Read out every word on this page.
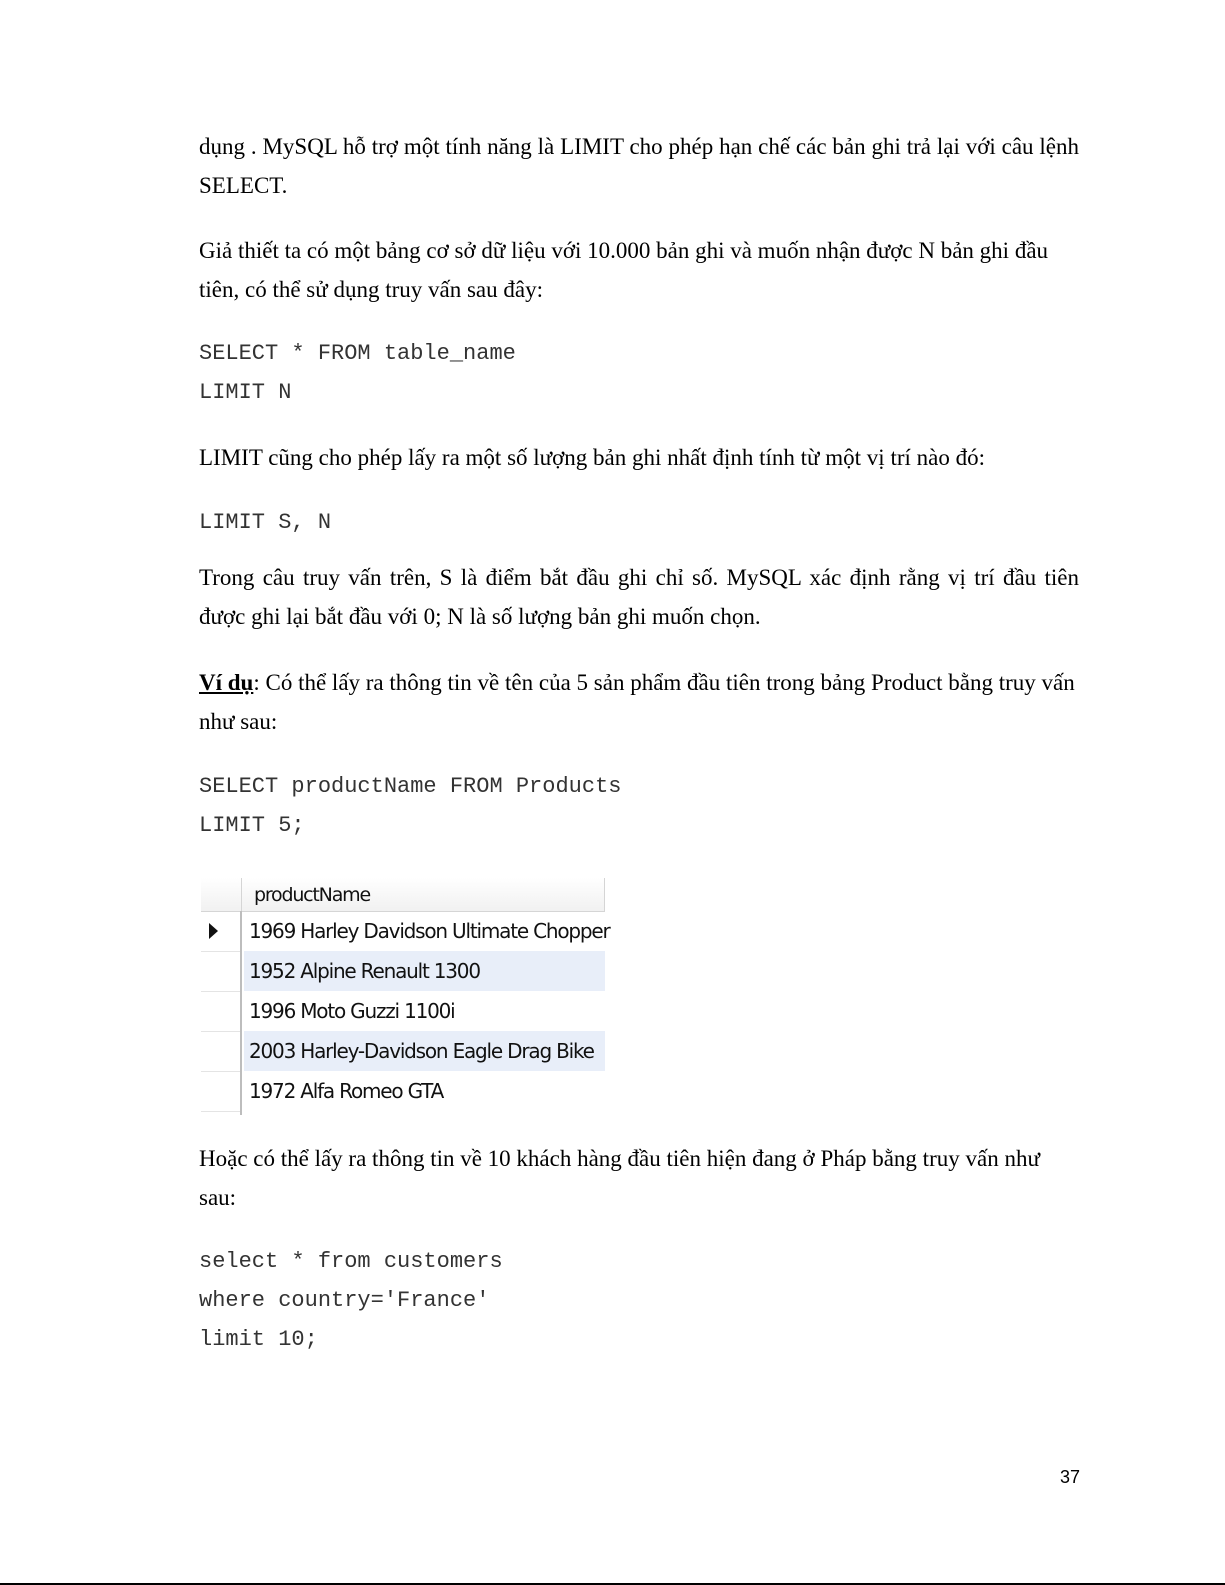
dụng . MySQL hỗ trợ một tính năng là LIMIT cho phép hạn chế các bản ghi trả lại với câu lệnh SELECT.

Giả thiết ta có một bảng cơ sở dữ liệu với 10.000 bản ghi và muốn nhận được N bản ghi đầu tiên, có thể sử dụng truy vấn sau đây:

SELECT * FROM table_name

LIMIT N

LIMIT cũng cho phép lấy ra một số lượng bản ghi nhất định tính từ một vị trí nào đó:

LIMIT S, N

Trong câu truy vấn trên, S là điểm bắt đầu ghi chỉ số. MySQL xác định rằng vị trí đầu tiên được ghi lại bắt đầu với 0; N là số lượng bản ghi muốn chọn.

Ví dụ: Có thể lấy ra thông tin về tên của 5 sản phẩm đầu tiên trong bảng Product bằng truy vấn như sau:

SELECT productName FROM Products

LIMIT 5;

productName
1969 Harley Davidson Ultimate Chopper
1952 Alpine Renault 1300
1996 Moto Guzzi 1100i
2003 Harley-Davidson Eagle Drag Bike
1972 Alfa Romeo GTA

Hoặc có thể lấy ra thông tin về 10 khách hàng đầu tiên hiện đang ở Pháp bằng truy vấn như sau:

select * from customers

where country='France'

limit 10;

37
